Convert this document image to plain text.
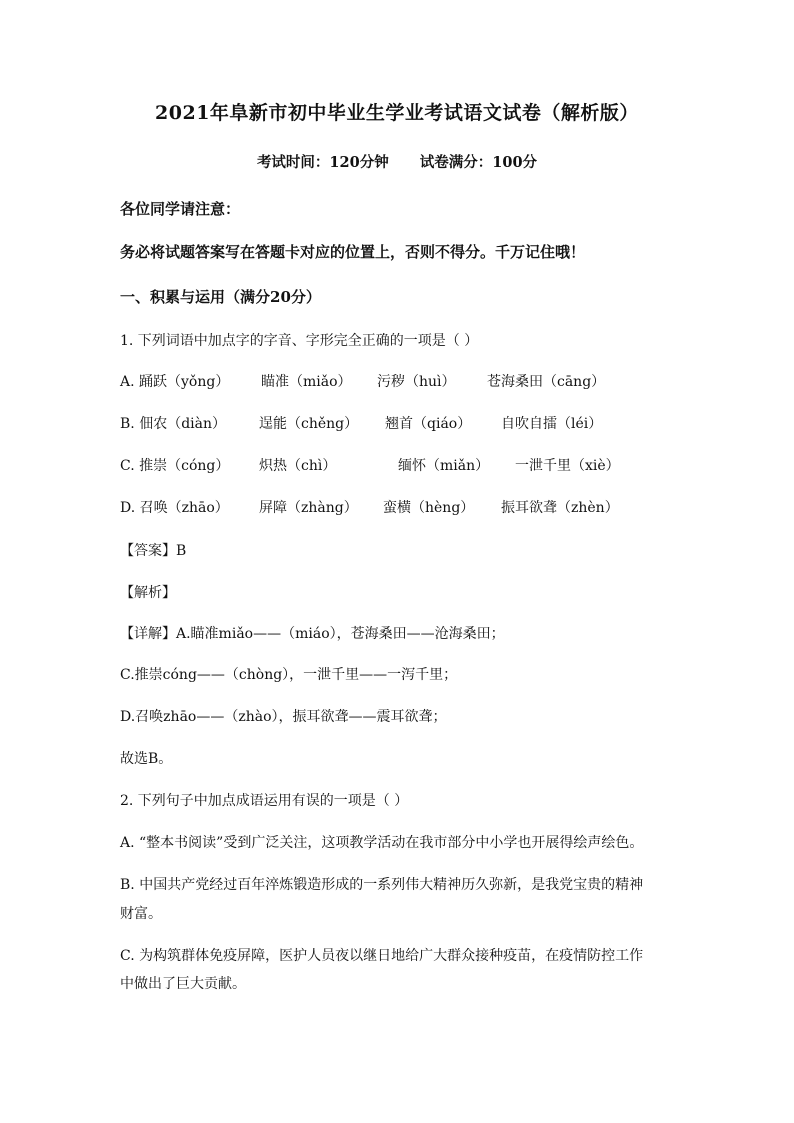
2021年阜新市初中毕业生学业考试语文试卷（解析版）
考试时间：120分钟 试卷满分：100分
各位同学请注意：
务必将试题答案写在答题卡对应的位置上，否则不得分。千万记住哦！
一、积累与运用（满分20分）
1. 下列词语中加点字的字音、字形完全正确的一项是（ ）
A. 踊跃（yǒng） 瞄准（miǎo） 污秽（huì） 苍海桑田（cāng）
B. 佃农（diàn） 逞能（chěng） 翘首（qiáo） 自吹自擂（léi）
C. 推崇（cóng） 炽热（chì）	缅怀（miǎn） 一泄千里（xiè）
D. 召唤（zhāo） 屏障（zhàng） 蛮横（hèng） 振耳欲聋（zhèn）
【答案】B
【解析】
【详解】A.瞄准miǎo——（miáo），苍海桑田——沧海桑田；
C.推崇cóng——（chòng），一泄千里——一泻千里；
D.召唤zhāo——（zhào），振耳欲聋——震耳欲聋；
故选B。
2. 下列句子中加点成语运用有误的一项是（ ）
A. “整本书阅读”受到广泛关注，这项教学活动在我市部分中小学也开展得绘声绘色。
B. 中国共产党经过百年淬炼锻造形成的一系列伟大精神历久弥新，是我党宝贵的精神
财富。
C. 为构筑群体免疫屏障，医护人员夜以继日地给广大群众接种疫苗，在疫情防控工作
中做出了巨大贡献。
